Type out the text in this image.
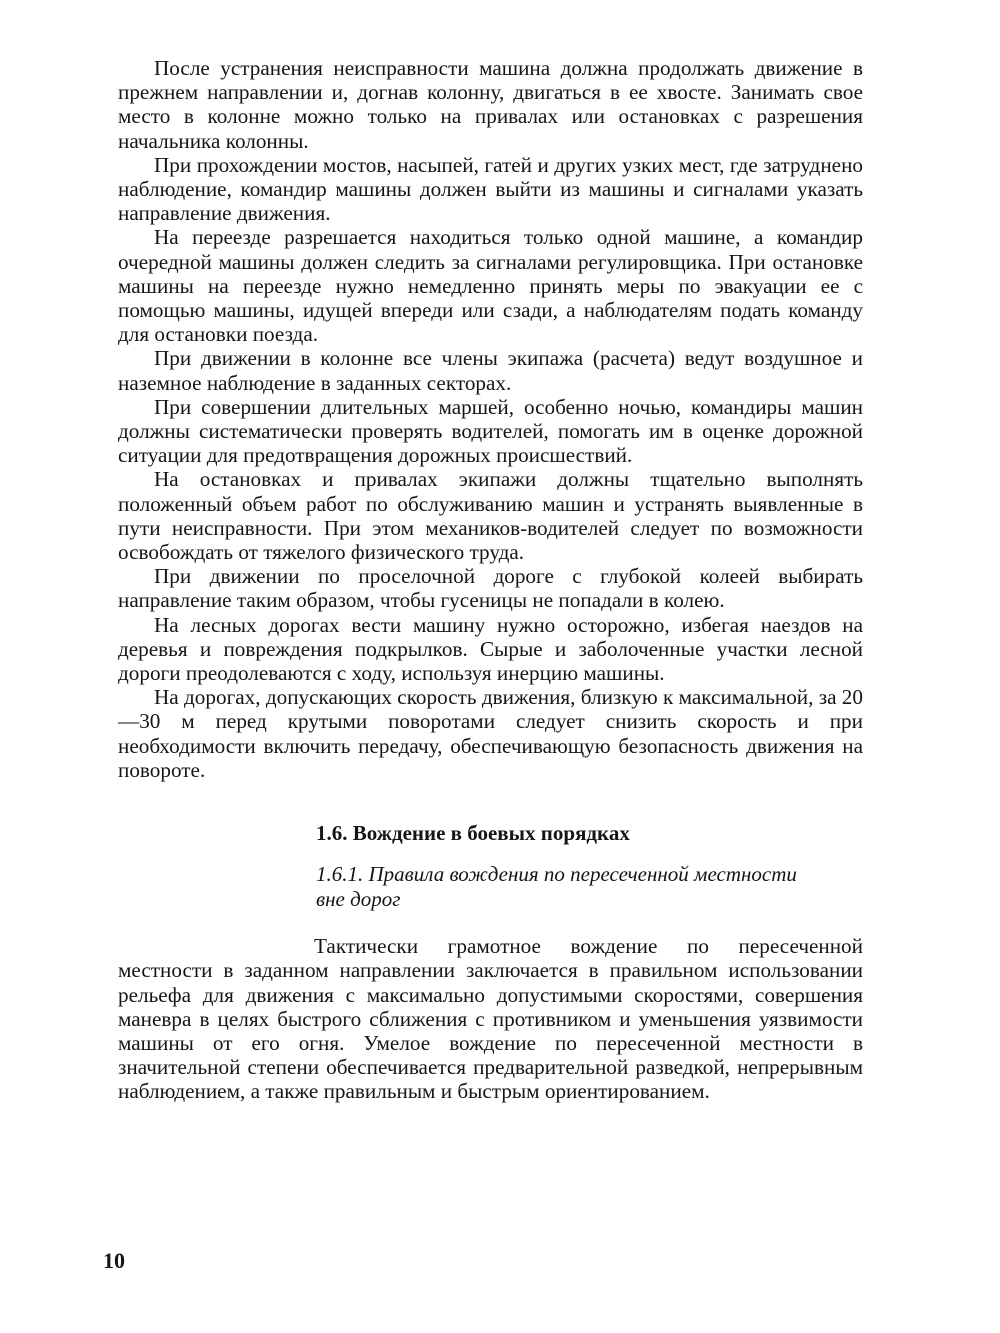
После устранения неисправности машина должна продолжать движение в прежнем направлении и, догнав колонну, двигаться в ее хвосте. Занимать свое место в колонне можно только на привалах или остановках с разрешения начальника колонны.

При прохождении мостов, насыпей, гатей и других узких мест, где затруднено наблюдение, командир машины должен выйти из машины и сигналами указать направление движения.

На переезде разрешается находиться только одной машине, а командир очередной машины должен следить за сигналами регулировщика. При остановке машины на переезде нужно немедленно принять меры по эвакуации ее с помощью машины, идущей впереди или сзади, а наблюдателям подать команду для остановки поезда.

При движении в колонне все члены экипажа (расчета) ведут воздушное и наземное наблюдение в заданных секторах.

При совершении длительных маршей, особенно ночью, командиры машин должны систематически проверять водителей, помогать им в оценке дорожной ситуации для предотвращения дорожных происшествий.

На остановках и привалах экипажи должны тщательно выполнять положенный объем работ по обслуживанию машин и устранять выявленные в пути неисправности. При этом механиков-водителей следует по возможности освобождать от тяжелого физического труда.

При движении по проселочной дороге с глубокой колеей выбирать направление таким образом, чтобы гусеницы не попадали в колею.

На лесных дорогах вести машину нужно осторожно, избегая наездов на деревья и повреждения подкрылков. Сырые и заболоченные участки лесной дороги преодолеваются с ходу, используя инерцию машины.

На дорогах, допускающих скорость движения, близкую к максимальной, за 20—30 м перед крутыми поворотами следует снизить скорость и при необходимости включить передачу, обеспечивающую безопасность движения на повороте.

1.6. Вождение в боевых порядках
1.6.1. Правила вождения по пересеченной местности вне дорог

Тактически грамотное вождение по пересеченной местности в заданном направлении заключается в правильном использовании рельефа для движения с максимально допустимыми скоростями, совершения маневра в целях быстрого сближения с противником и уменьшения уязвимости машины от его огня. Умелое вождение по пересеченной местности в значительной степени обеспечивается предварительной разведкой, непрерывным наблюдением, а также правильным и быстрым ориентированием.

10
